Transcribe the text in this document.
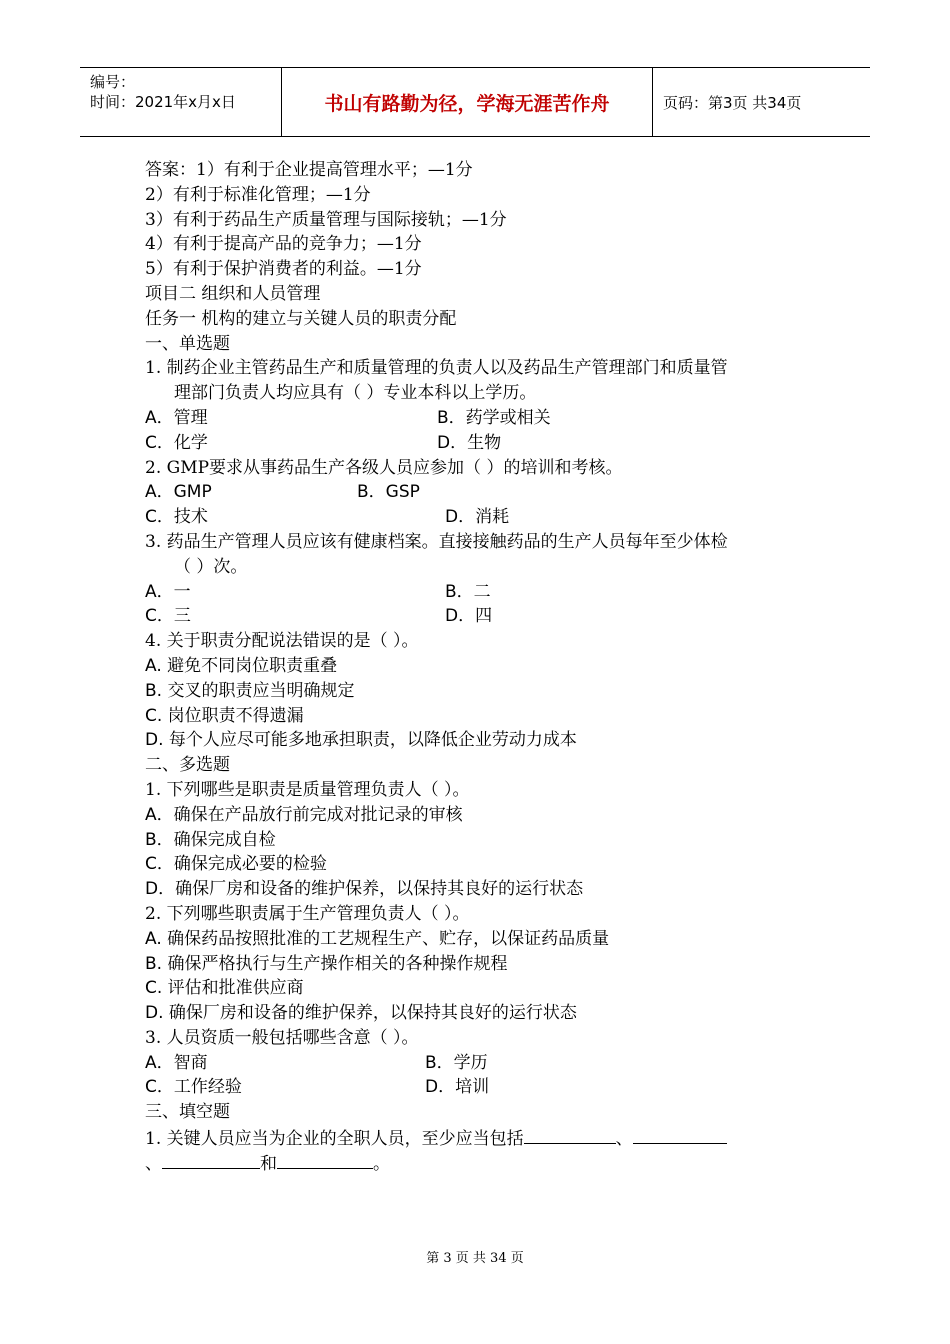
编号：
时间：2021年x月x日	书山有路勤为径，学海无涯苦作舟	页码：第3页 共34页
答案：1）有利于企业提高管理水平；—1分
2）有利于标准化管理；—1分
3）有利于药品生产质量管理与国际接轨；—1分
4）有利于提高产品的竞争力；—1分
5）有利于保护消费者的利益。—1分
项目二 组织和人员管理
任务一 机构的建立与关键人员的职责分配
一、单选题
1. 制药企业主管药品生产和质量管理的负责人以及药品生产管理部门和质量管
理部门负责人均应具有（ ）专业本科以上学历。
A．管理	B．药学或相关
C．化学	D．生物
2. GMP要求从事药品生产各级人员应参加（ ）的培训和考核。
A．GMP	B．GSP
C．技术	D．消耗
3. 药品生产管理人员应该有健康档案。直接接触药品的生产人员每年至少体检
（ ）次。
A．一	B．二
C．三	D．四
4. 关于职责分配说法错误的是（ ）。
A. 避免不同岗位职责重叠
B. 交叉的职责应当明确规定
C. 岗位职责不得遗漏
D. 每个人应尽可能多地承担职责，以降低企业劳动力成本
二、多选题
1. 下列哪些是职责是质量管理负责人（ ）。
A．确保在产品放行前完成对批记录的审核
B．确保完成自检
C．确保完成必要的检验
D．确保厂房和设备的维护保养，以保持其良好的运行状态
2. 下列哪些职责属于生产管理负责人（ ）。
A. 确保药品按照批准的工艺规程生产、贮存，以保证药品质量
B. 确保严格执行与生产操作相关的各种操作规程
C. 评估和批准供应商
D. 确保厂房和设备的维护保养，以保持其良好的运行状态
3. 人员资质一般包括哪些含意（ ）。
A．智商	B．学历
C．工作经验	D．培训
三、填空题
1. 关键人员应当为企业的全职人员，至少应当包括	、
、	和	。
第 3 页 共 34 页
